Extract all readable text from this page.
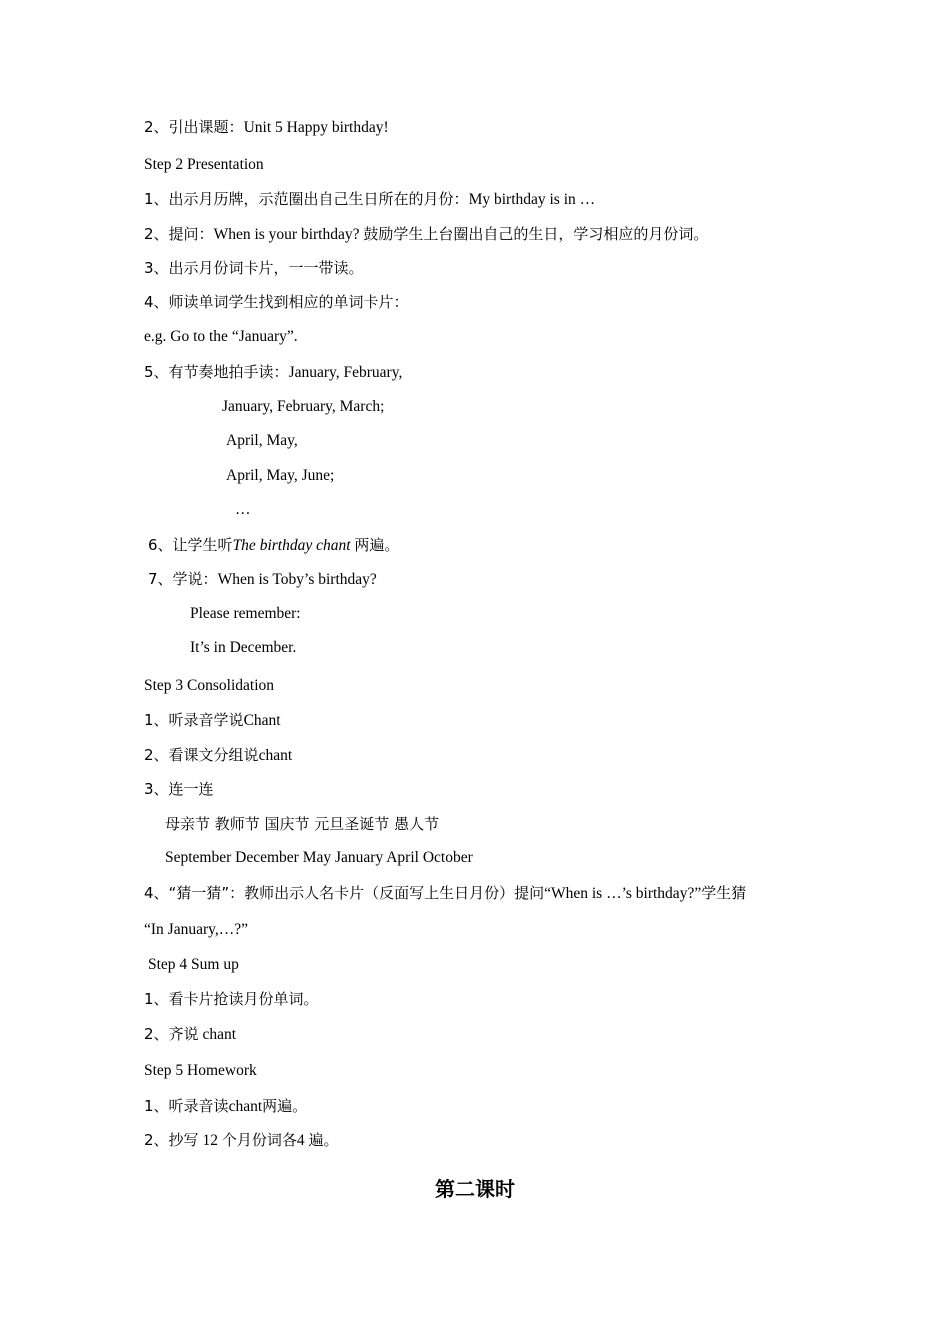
2、引出课题：Unit 5 Happy birthday!
Step 2 Presentation
1、出示月历牌，示范圈出自己生日所在的月份：My birthday is in …
2、提问：When is your birthday? 鼓励学生上台圈出自己的生日，学习相应的月份词。
3、出示月份词卡片，一一带读。
4、师读单词学生找到相应的单词卡片：
e.g. Go to the “January”.
5、有节奏地拍手读：January, February,
January, February, March;
April, May,
April, May, June;
…
6、让学生听The birthday chant 两遍。
7、学说：When is Toby’s birthday?
Please remember:
It’s in December.
Step 3 Consolidation
1、听录音学说Chant
2、看课文分组说chant
3、连一连
母亲节 教师节 国庆节 元旦圣诞节 愚人节
September December May January April October
4、“猜一猜”：教师出示人名卡片（反面写上生日月份）提问“When is …’s birthday?”学生猜
“In January,…?”
Step 4 Sum up
1、看卡片抢读月份单词。
2、齐说 chant
Step 5 Homework
1、听录音读chant两遍。
2、抄写 12 个月份词各4 遍。
第二课时
